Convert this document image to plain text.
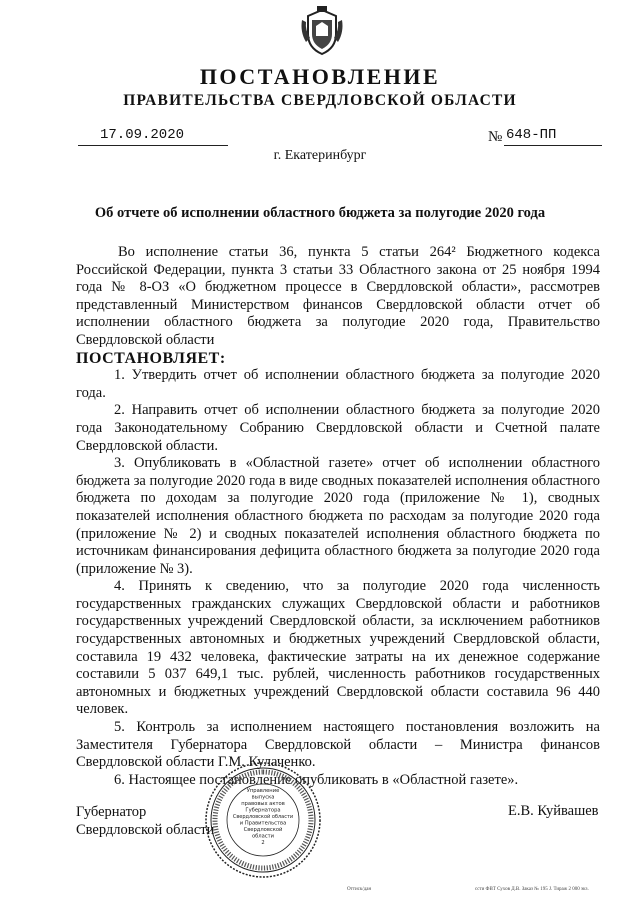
ПОСТАНОВЛЕНИЕ
ПРАВИТЕЛЬСТВА СВЕРДЛОВСКОЙ ОБЛАСТИ
17.09.2020	№ 648-ПП
г. Екатеринбург
Об отчете об исполнении областного бюджета за полугодие 2020 года

Во исполнение статьи 36, пункта 5 статьи 264² Бюджетного кодекса Российской Федерации, пункта 3 статьи 33 Областного закона от 25 ноября 1994 года № 8-ОЗ «О бюджетном процессе в Свердловской области», рассмотрев представленный Министерством финансов Свердловской области отчет об исполнении областного бюджета за полугодие 2020 года, Правительство Свердловской области

ПОСТАНОВЛЯЕТ:

1. Утвердить отчет об исполнении областного бюджета за полугодие 2020 года.

2. Направить отчет об исполнении областного бюджета за полугодие 2020 года Законодательному Собранию Свердловской области и Счетной палате Свердловской области.

3. Опубликовать в «Областной газете» отчет об исполнении областного бюджета за полугодие 2020 года в виде сводных показателей исполнения областного бюджета по доходам за полугодие 2020 года (приложение № 1), сводных показателей исполнения областного бюджета по расходам за полугодие 2020 года (приложение № 2) и сводных показателей исполнения областного бюджета по источникам финансирования дефицита областного бюджета за полугодие 2020 года (приложение № 3).

4. Принять к сведению, что за полугодие 2020 года численность государственных гражданских служащих Свердловской области и работников государственных учреждений Свердловской области, за исключением работников государственных автономных и бюджетных учреждений Свердловской области, составила 19 432 человека, фактические затраты на их денежное содержание составили 5 037 649,1 тыс. рублей, численность работников государственных автономных и бюджетных учреждений Свердловской области составила 96 440 человек.

5. Контроль за исполнением настоящего постановления возложить на Заместителя Губернатора Свердловской области – Министра финансов Свердловской области Г.М. Кулаченко.

6. Настоящее постановление опубликовать в «Областной газете».

Губернатор
Свердловской области
Е.В. Куйвашев
Управление
выпуска
правовых актов
Губернатора
Свердловской области
и Правительства
Свердловской
области
2
Оттиск/дан	ссти ФВТ Сухов Д.В. Заказ № 195 J. Тираж 2 000 экз.
